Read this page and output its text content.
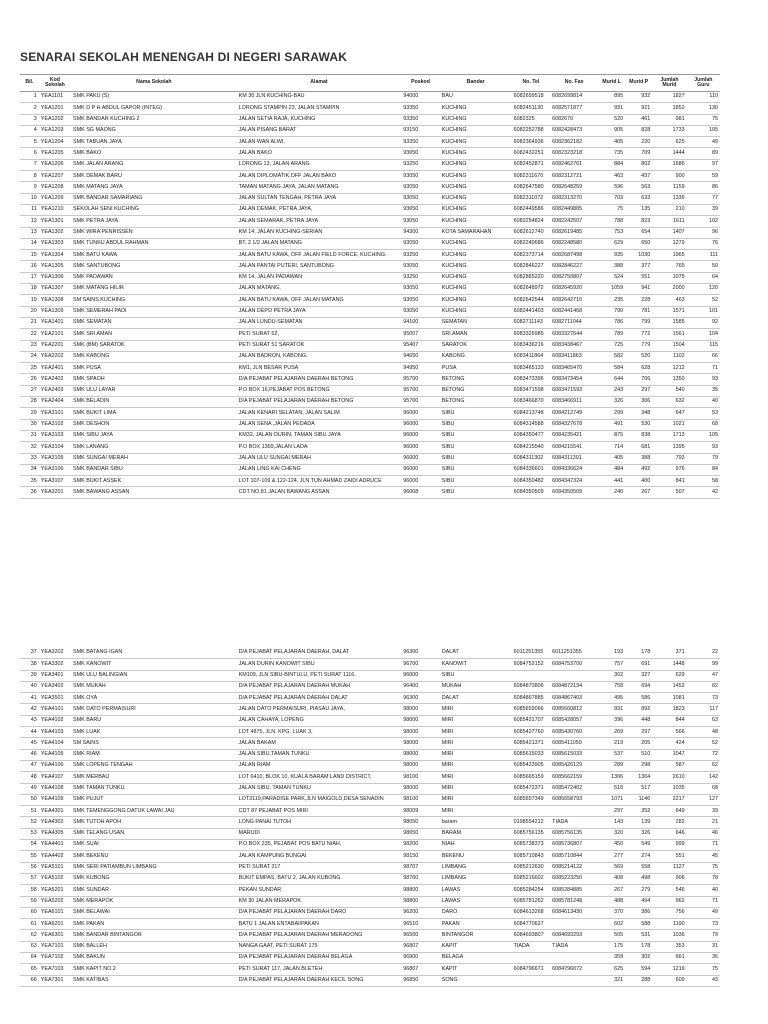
SENARAI SEKOLAH MENENGAH DI NEGERI SARAWAK
Bil.	Kod Sekolah	Nama Sekolah	Alamat	Poskod	Bandar	No. Tel	No. Fax	Murid L	Murid P	Jumlah Murid	Jumlah Guru
1	YEA1101	SMK PAKU (S)	KM 30 JLN KUCHING-BAU	94000	BAU	6082699518	6082699814	895	932	1827	110
2	YEA1201	SMK D P H ABDUL GAPOR (INTEG)	LORONG STAMPIN 23, JALAN STAMPIN	93350	KUCHING	6082451130	6082571877	931	921	1852	130
3	YEA1202	SMK BANDAR KUCHING 2	JALAN SETIA RAJA, KUCHING	93350	KUCHING	6082325	6082670	520	461	981	75
4	YEA1203	SMK SG MAONG	JALAN PISANG BARAT	93150	KUCHING	6082252788	6082428473	905	828	1733	105
5	YEA1204	SMK TABUAN JAYA	JALAN WAN ALWI,	93350	KUCHING	6082364936	6082362182	405	220	625	49
6	YEA1205	SMK BAKO	JALAN BAKO	93050	KUCHING	6082432251	6082323218	735	709	1444	89
7	YEA1206	SMK JALAN ARANG	LORONG 13, JALAN ARANG	93250	KUCHING	6082452871	6082462761	884	802	1686	97
8	YEA1207	SMK DEMAK BARU	JALAN DIPLOMATIK,OFF JALAN BAKO	93050	KUCHING	6082311670	6082312721	463	437	900	59
9	YEA1208	SMK MATANG JAYA	TAMAN MATANG JAYA, JALAN MATANG	93050	KUCHING	6082647580	6082648259	596	563	1159	86
10	YEA1209	SMK BANDAR SAMARIANG	JALAN SULTAN TENGAH, PETRA JAYA	93050	KUCHING	6082311072	6082313270	703	633	1336	77
11	YEA1210	SEKOLAH SENI KUCHING	JALAN DEMAK, PETRA JAYA,	93050	KUCHING	6082449586	6082449805	75	135	210	39
12	YEA1301	SMK PETRA JAYA	JALAN SEMARAK, PETRA JAYA	93050	KUCHING	6082254824	6082242507	788	823	1611	102
13	YEA1302	SMK WIRA PENRISSEN	KM 14, JALAN KUCHING-SERIAN	94300	KOTA SAMARAHAN	6082612740	6082619485	753	654	1407	96
14	YEA1303	SMK TUNKU ABDUL RAHMAN	BT. 2 1/2 JALAN MATANG	93050	KUCHING	6082240686	6082248580	629	650	1279	76
15	YEA1304	SMK BATU KAWA	JALAN BATU KAWA, OFF JALAN FIELD FORCE, KUCHING.	93250	KUCHING	6082373714	6082687498	935	1030	1965	111
16	YEA1305	SMK SANTUBONG	JALAN PANTAI PUTERI, SANTUBONG	93050	KUCHING	6082846227	6082846227	388	377	765	50
17	YEA1306	SMK PADAWAN	KM 14, JALAN PADAWAN	93250	KUCHING	6082865220	6082750807	524	551	1075	64
18	YEA1307	SMK MATANG HILIR	JALAN MATANG,	93050	KUCHING	6082648972	6082645920	1059	941	2000	120
19	YEA1308	SM SAINS KUCHING	JALAN BATU KAWA, OFF JALAN MATANG	93050	KUCHING	6082642544	6082642710	235	228	463	52
20	YEA1309	SMK SEMERAH PADI	JALAN DEPO PETRA JAYA	93050	KUCHING	6082441403	6082441468	790	781	1571	101
21	YEA1401	SMK SEMATAN	JALAN LUNDU-SEMATAN	94100	SEMATAN	6082711143	6082711044	786	799	1585	92
22	YEA2101	SMK SRI AMAN	PETI SURAT 62,	95007	SRI AMAN	6083326985	6083327644	789	772	1561	104
23	YEA2201	SMK (BM) SARATOK	PETI SURAT 51 SARATOK	95407	SARATOK	6083436216	6083438467	725	779	1504	115
24	YEA2202	SMK KABONG	JALAN BADRON, KABONG.	94650	KABONG	6083411864	6083411863	582	520	1102	66
25	YEA2401	SMK PUSA	KM1, JLN BESAR PUSA	94950	PUSA	6083465133	6083465470	584	628	1212	71
26	YEA2402	SMK SPAOH	D/A PEJABAT PELAJARAN DAERAH BETONG	95700	BETONG	6083473396	6083473454	644	706	1350	93
27	YEA2403	SMK ULU LAYAR	P.O BOX 16,PEJABAT POS BETONG	95700	BETONG	6083471598	6083471593	243	297	540	35
28	YEA2404	SMK BELADIN	D/A PEJABAT PELAJARAN DAERAH BETONG	95700	BETONG	6083466870	6083466911	326	306	632	40
29	YEA3101	SMK BUKIT LIMA	JALAN KENARI SELATAN, JALAN SALIM	96000	SIBU	6084213748	6084212749	299	348	647	53
30	YEA3102	SMK DESHON	JALAN SENA ,JALAN PEDADA	96000	SIBU	6084314588	6084327678	491	530	1021	68
31	YEA3103	SMK SIBU JAYA	KM32, JALAN DURIN, TAMAN SIBU JAYA	96000	SIBU	6084350477	6084235421	875	838	1713	105
32	YEA3104	SMK LANANG	P.O BOX 1369,JALAN LADA	96000	SIBU	6084215540	6084215541	714	681	1395	93
33	YEA3105	SMK SUNGAI MERAH	JALAN ULU SUNGAI MERAH	96000	SIBU	6084311302	6084311301	405	388	793	79
34	YEA3106	SMK BANDAR SIBU	JALAN LING KAI CHENG	96000	SIBU	6084336601	6084336624	484	492	976	84
35	YEA3107	SMK BUKIT ASSEK	LOT 107-109 & 122-124, JLN TUN AHMAD ZAIDI ADRUCE	96000	SIBU	6084350482	6084347324	441	400	841	58
36	YEA3201	SMK BAWANG ASSAN	CDT NO.81 JALAN BAWANG ASSAN	96008	SIBU	6084350509	6084350509	240	267	507	42
37	YEA3202	SMK BATANG IGAN	D/A PEJABAT PELAJARAN DAERAH, DALAT	96300	DALAT	6011251355	6011251355	193	178	371	22
38	YEA3302	SMK KANOWIT	JALAN DURIN KANOWIT SIBU	96700	KANOWIT	6084752152	6084753700	757	691	1448	99
39	YEA3401	SMK ULU BALINGIAN	KM109, JLN SIBU-BINTULU, PETI SURAT 1116.	96000	SIBU			302	327	629	47
40	YEA3402	SMK MUKAH	D/A PEJABAT PELAJARAN DAERAH MUKAH	96400	MUKAH	6084873806	6084872134	758	694	1452	82
41	YEA3501	SMK OYA	D/A PEJABAT PELAJARAN DAERAH DALAT	96300	DALAT	6084867885	6084867403	495	586	1081	73
42	YEA4101	SMK DATO PERMAISURI	JALAN DATO PERMAISURI, PIASAU JAYA,	98000	MIRI	6085659066	6085660812	931	892	1823	117
43	YEA4102	SMK BARU	JALAN CAHAYA, LOPENG	98000	MIRI	6085431707	6085428057	396	448	844	63
44	YEA4103	SMK LUAK	LOT 4875, JLN. KPG. LUAK 3,	98000	MIRI	6085427760	6085430760	269	297	566	48
45	YEA4104	SM SAINS	JALAN BAKAM	98000	MIRI	6085421371	6085411050	219	205	424	52
46	YEA4105	SMK RIAM	JALAN SIBU,TAMAN TUNKU	98000	MIRI	6085615033	6085615033	537	510	1047	72
47	YEA4106	SMK LOPENG TENGAH	JALAN RIAM	98000	MIRI	6085423905	6085426129	289	298	587	62
48	YEA4107	SMK MERBAU	LOT 6410, BLOK 10, KUALA BARAM LAND DISTRICT,	98100	MIRI	6085665159	6085662159	1306	1304	2610	142
49	YEA4108	SMK TAMAN TUNKU	JALAN SIBU, TAMAN TUNKU	98000	MIRI	6085472371	6085472402	518	517	1035	68
50	YEA4109	SMK PUJUT	LOT3119,PARADISE PARK,JLN MAIGOLD,DESA SENADIN	98100	MIRI	6085657349	6085658793	1071	1146	2217	127
51	YEA4301	SMK TEMENGGONG DATUK LAWAI JAU	CDT 87 PEJABAT POS MIRI	98009	MIRI			297	352	649	39
52	YEA4302	SMK TUTOH APOH	LONG PANAI TUTOH	98050	baram	0198554212	TIADA	143	139	282	21
53	YEA4305	SMK TELANG USAN	MARUDI	98050	BARAM	6085756135	6085756135	320	326	646	46
54	YEA4401	SMK SUAI	P.O.BOX 235, PEJABAT POS BATU NIAH,	98200	NIAH	6085738373	6085736807	450	549	999	71
55	YEA4402	SMK BEKENU	JALAN KAMPUNG BUNGAI	98150	BEKENU	6085710843	6085710844	277	274	551	45
56	YEA5101	SMK SERI PATIAMBUN LIMBANG	PETI SURAT 317	98707	LIMBANG	6085212630	6085214122	569	558	1127	75
57	YEA5102	SMK KUBONG	BUKIT EMPAS, BATU 2, JALAN KUBONG	98700	LIMBANG	6085216602	6085223250	408	498	906	78
58	YEA5201	SMK SUNDAR	PEKAN SUNDAR	98800	LAWAS	6085284254	6085284885	267	279	546	40
59	YEA5202	SMK MERAPOK	KM 30 JALAN MERAPOK	98800	LAWAS	6085781262	6085781248	488	494	962	71
60	YEA6101	SMK BELAWAI	D/A PEJABAT PELAJARAN DAERAH DARO	96200	DARO	6084613268	6084613430	370	386	756	49
61	YEA6201	SMK PAKAN	BATU 1 JALAN ENTABAI/PAKAN	96510	PAKAN	6084770627		602	588	1190	73
62	YEA6301	SMK BANDAR BINTANGOR	D/A PEJABAT PELAJARAN DAERAH MERADONG	96500	BINTANGOR	6084693807	6084693293	505	531	1036	79
63	YEA7101	SMK BALLEH	NANGA GAAT, PETI SURAT 175	96807	KAPIT	TIADA	TIADA	175	178	353	31
64	YEA7102	SMK BAKUN	D/A PEJABAT PELAJARAN DAERAH BELAGA	96900	BELAGA			359	302	661	36
65	YEA7103	SMK KAPIT NO.2	PETI SURAT 117, JALAN BLETEH	96807	KAPIT	6084796671	6084796072	625	594	1219	75
66	YEA7301	SMK KATIBAS	D/A PEJABAT PELAJARAN DAERAH KECIL SONG	96850	SONG			321	288	609	43
